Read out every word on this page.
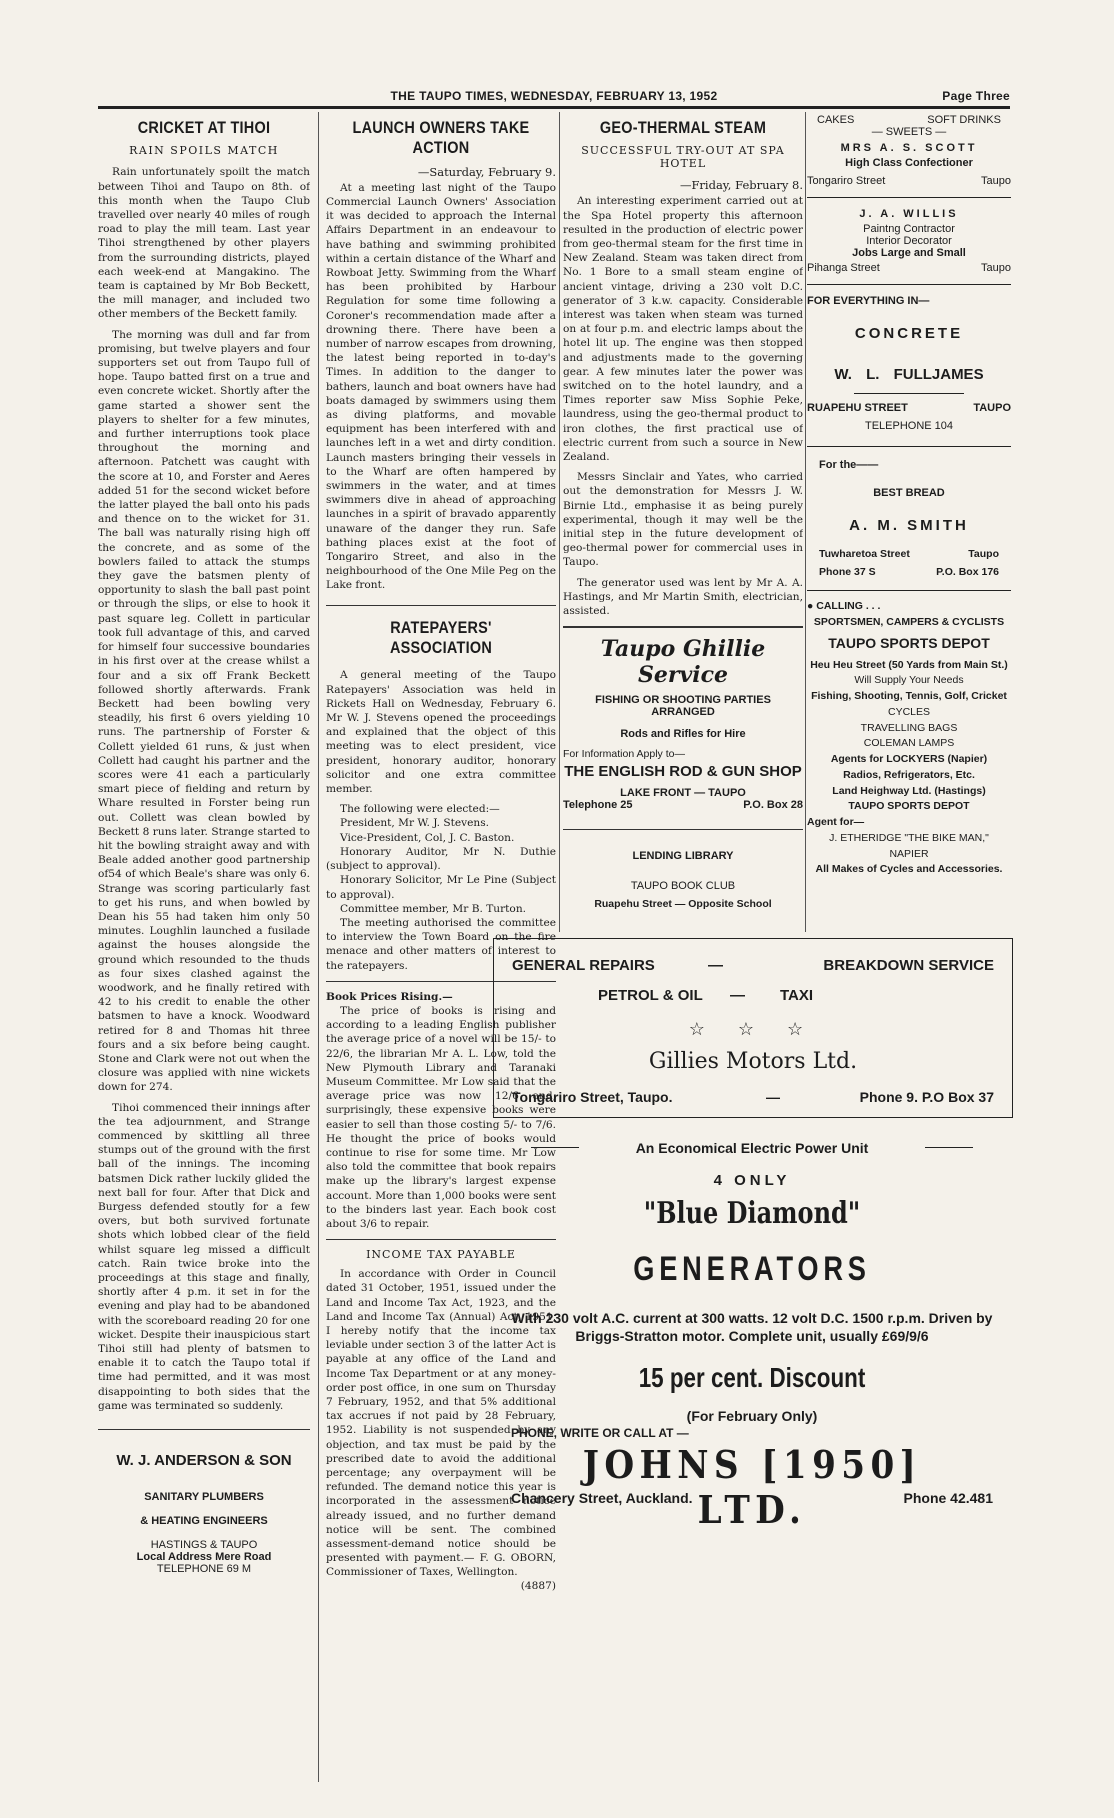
THE TAUPO TIMES, WEDNESDAY, FEBRUARY 13, 1952	Page Three
CRICKET AT TIHOI
RAIN SPOILS MATCH

Rain unfortunately spoilt the match between Tihoi and Taupo on 8th. of this month when the Taupo Club travelled over nearly 40 miles of rough road to play the mill team. Last year Tihoi strengthened by other players from the surrounding districts, played each week-end at Mangakino. The team is captained by Mr Bob Beckett, the mill manager, and included two other members of the Beckett family.

The morning was dull and far from promising, but twelve players and four supporters set out from Taupo full of hope. Taupo batted first on a true and even concrete wicket. Shortly after the game started a shower sent the players to shelter for a few minutes, and further interruptions took place throughout the morning and afternoon. Patchett was caught with the score at 10, and Forster and Aeres added 51 for the second wicket before the latter played the ball onto his pads and thence on to the wicket for 31. The ball was naturally rising high off the concrete, and as some of the bowlers failed to attack the stumps they gave the batsmen plenty of opportunity to slash the ball past point or through the slips, or else to hook it past square leg. Collett in particular took full advantage of this, and carved for himself four successive boundaries in his first over at the crease whilst a four and a six off Frank Beckett followed shortly afterwards. Frank Beckett had been bowling very steadily, his first 6 overs yielding 10 runs. The partnership of Forster & Collett yielded 61 runs, & just when Collett had caught his partner and the scores were 41 each a particularly smart piece of fielding and return by Whare resulted in Forster being run out. Collett was clean bowled by Beckett 8 runs later. Strange started to hit the bowling straight away and with Beale added another good partnership of54 of which Beale's share was only 6. Strange was scoring particularly fast to get his runs, and when bowled by Dean his 55 had taken him only 50 minutes. Loughlin launched a fusilade against the houses alongside the ground which resounded to the thuds as four sixes clashed against the woodwork, and he finally retired with 42 to his credit to enable the other batsmen to have a knock. Woodward retired for 8 and Thomas hit three fours and a six before being caught. Stone and Clark were not out when the closure was applied with nine wickets down for 274.

Tihoi commenced their innings after the tea adjournment, and Strange commenced by skittling all three stumps out of the ground with the first ball of the innings. The incoming batsmen Dick rather luckily glided the next ball for four. After that Dick and Burgess defended stoutly for a few overs, but both survived fortunate shots which lobbed clear of the field whilst square leg missed a difficult catch. Rain twice broke into the proceedings at this stage and finally, shortly after 4 p.m. it set in for the evening and play had to be abandoned with the scoreboard reading 20 for one wicket. Despite their inauspicious start Tihoi still had plenty of batsmen to enable it to catch the Taupo total if time had permitted, and it was most disappointing to both sides that the game was terminated so suddenly.

W. J. ANDERSON & SON
SANITARY PLUMBERS
& HEATING ENGINEERS
HASTINGS & TAUPO
Local Address Mere Road
TELEPHONE 69 M
LAUNCH OWNERS TAKE ACTION
—Saturday, February 9.

At a meeting last night of the Taupo Commercial Launch Owners' Association it was decided to approach the Internal Affairs Department in an endeavour to have bathing and swimming prohibited within a certain distance of the Wharf and Rowboat Jetty. Swimming from the Wharf has been prohibited by Harbour Regulation for some time following a Coroner's recommendation made after a drowning there. There have been a number of narrow escapes from drowning, the latest being reported in to-day's Times. In addition to the danger to bathers, launch and boat owners have had boats damaged by swimmers using them as diving platforms, and movable equipment has been interfered with and launches left in a wet and dirty condition. Launch masters bringing their vessels in to the Wharf are often hampered by swimmers in the water, and at times swimmers dive in ahead of approaching launches in a spirit of bravado apparently unaware of the danger they run. Safe bathing places exist at the foot of Tongariro Street, and also in the neighbourhood of the One Mile Peg on the Lake front.

RATEPAYERS' ASSOCIATION

A general meeting of the Taupo Ratepayers' Association was held in Rickets Hall on Wednesday, February 6. Mr W. J. Stevens opened the proceedings and explained that the object of this meeting was to elect president, vice president, honorary auditor, honorary solicitor and one extra committee member.

The following were elected:—

President, Mr W. J. Stevens.

Vice-President, Col, J. C. Baston.

Honorary Auditor, Mr N. Duthie (subject to approval).

Honorary Solicitor, Mr Le Pine (Subject to approval).

Committee member, Mr B. Turton.

The meeting authorised the committee to interview the Town Board on the fire menace and other matters of interest to the ratepayers.

Book Prices Rising.—

The price of books is rising and according to a leading English publisher the average price of a novel will be 15/- to 22/6, the librarian Mr A. L. Low, told the New Plymouth Library and Taranaki Museum Committee. Mr Low said that the average price was now 12/6 and, surprisingly, these expensive books were easier to sell than those costing 5/- to 7/6. He thought the price of books would continue to rise for some time. Mr Low also told the committee that book repairs make up the library's largest expense account. More than 1,000 books were sent to the binders last year. Each book cost about 3/6 to repair.

INCOME TAX PAYABLE

In accordance with Order in Council dated 31 October, 1951, issued under the Land and Income Tax Act, 1923, and the Land and Income Tax (Annual) Act, 1951, I hereby notify that the income tax leviable under section 3 of the latter Act is payable at any office of the Land and Income Tax Department or at any money-order post office, in one sum on Thursday 7 February, 1952, and that 5% additional tax accrues if not paid by 28 February, 1952. Liability is not suspended by any objection, and tax must be paid by the prescribed date to avoid the additional percentage; any overpayment will be refunded. The demand notice this year is incorporated in the assessment notice already issued, and no further demand notice will be sent. The combined assessment-demand notice should be presented with payment.— F. G. OBORN, Commissioner of Taxes, Wellington.

(4887)
GEO-THERMAL STEAM
SUCCESSFUL TRY-OUT AT SPA HOTEL
—Friday, February 8.

An interesting experiment carried out at the Spa Hotel property this afternoon resulted in the production of electric power from geo-thermal steam for the first time in New Zealand. Steam was taken direct from No. 1 Bore to a small steam engine of ancient vintage, driving a 230 volt D.C. generator of 3 k.w. capacity. Considerable interest was taken when steam was turned on at four p.m. and electric lamps about the hotel lit up. The engine was then stopped and adjustments made to the governing gear. A few minutes later the power was switched on to the hotel laundry, and a Times reporter saw Miss Sophie Peke, laundress, using the geo-thermal product to iron clothes, the first practical use of electric current from such a source in New Zealand.

Messrs Sinclair and Yates, who carried out the demonstration for Messrs J. W. Birnie Ltd., emphasise it as being purely experimental, though it may well be the initial step in the future development of geo-thermal power for commercial uses in Taupo.

The generator used was lent by Mr A. A. Hastings, and Mr Martin Smith, electrician, assisted.

Taupo Ghillie Service
FISHING OR SHOOTING PARTIES
ARRANGED
Rods and Rifles for Hire
For Information Apply to—
THE ENGLISH ROD & GUN SHOP
LAKE FRONT — TAUPO
Telephone 25	P.O. Box 28
LENDING LIBRARY
TAUPO BOOK CLUB
Ruapehu Street — Opposite School
CAKES	SOFT DRINKS
— SWEETS —
MRS A. S. SCOTT
High Class Confectioner
Tongariro Street	Taupo
J. A. WILLIS
Paintng Contractor
Interior Decorator
Jobs Large and Small
Pihanga Street	Taupo
FOR EVERYTHING IN—
CONCRETE
W. L. FULLJAMES
RUAPEHU STREET	TAUPO
TELEPHONE 104
For the——
BEST BREAD
A. M. SMITH
Tuwharetoa Street	Taupo
Phone 37 S	P.O. Box 176
● CALLING . . .
SPORTSMEN, CAMPERS & CYCLISTS
TAUPO SPORTS DEPOT
Heu Heu Street (50 Yards from Main St.)
Will Supply Your Needs
Fishing, Shooting, Tennis, Golf, Cricket
CYCLES
TRAVELLING BAGS
COLEMAN LAMPS
Agents for LOCKYERS (Napier)
Radios, Refrigerators, Etc.
Land Heighway Ltd. (Hastings)
TAUPO SPORTS DEPOT
Agent for—
J. ETHERIDGE "THE BIKE MAN,"
NAPIER
All Makes of Cycles and Accessories.
GENERAL REPAIRS	—	BREAKDOWN SERVICE
PETROL & OIL — TAXI
☆ ☆ ☆
Gillies Motors Ltd.
Tongariro Street, Taupo.	—	Phone 9. P.O Box 37
An Economical Electric Power Unit
4 ONLY
"Blue Diamond"
GENERATORS
With 230 volt A.C. current at 300 watts. 12 volt D.C. 1500 r.p.m. Driven by Briggs-Stratton motor. Complete unit, usually £69/9/6
15 per cent. Discount
(For February Only)
PHONE, WRITE OR CALL AT —
JOHNS [1950] LTD.
Chancery Street, Auckland.	Phone 42.481
